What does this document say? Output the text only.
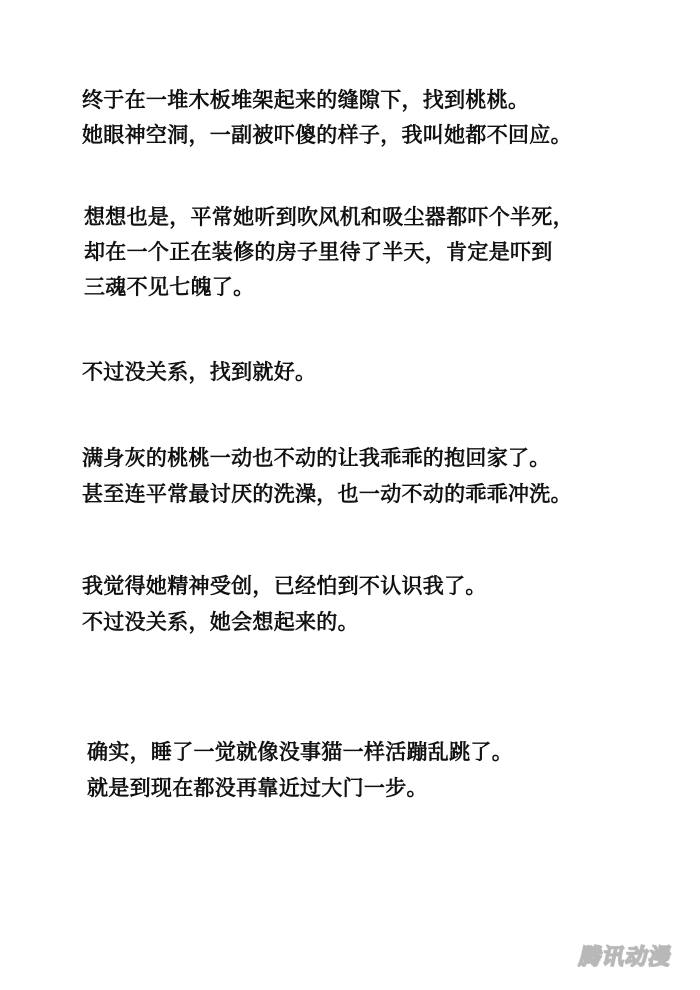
终于在一堆木板堆架起来的缝隙下，找到桃桃。
她眼神空洞，一副被吓傻的样子，我叫她都不回应。
想想也是，平常她听到吹风机和吸尘器都吓个半死，
却在一个正在装修的房子里待了半天，肯定是吓到
三魂不见七魄了。
不过没关系，找到就好。
满身灰的桃桃一动也不动的让我乖乖的抱回家了。
甚至连平常最讨厌的洗澡，也一动不动的乖乖冲洗。
我觉得她精神受创，已经怕到不认识我了。
不过没关系，她会想起来的。
确实，睡了一觉就像没事猫一样活蹦乱跳了。
就是到现在都没再靠近过大门一步。
腾讯动漫
